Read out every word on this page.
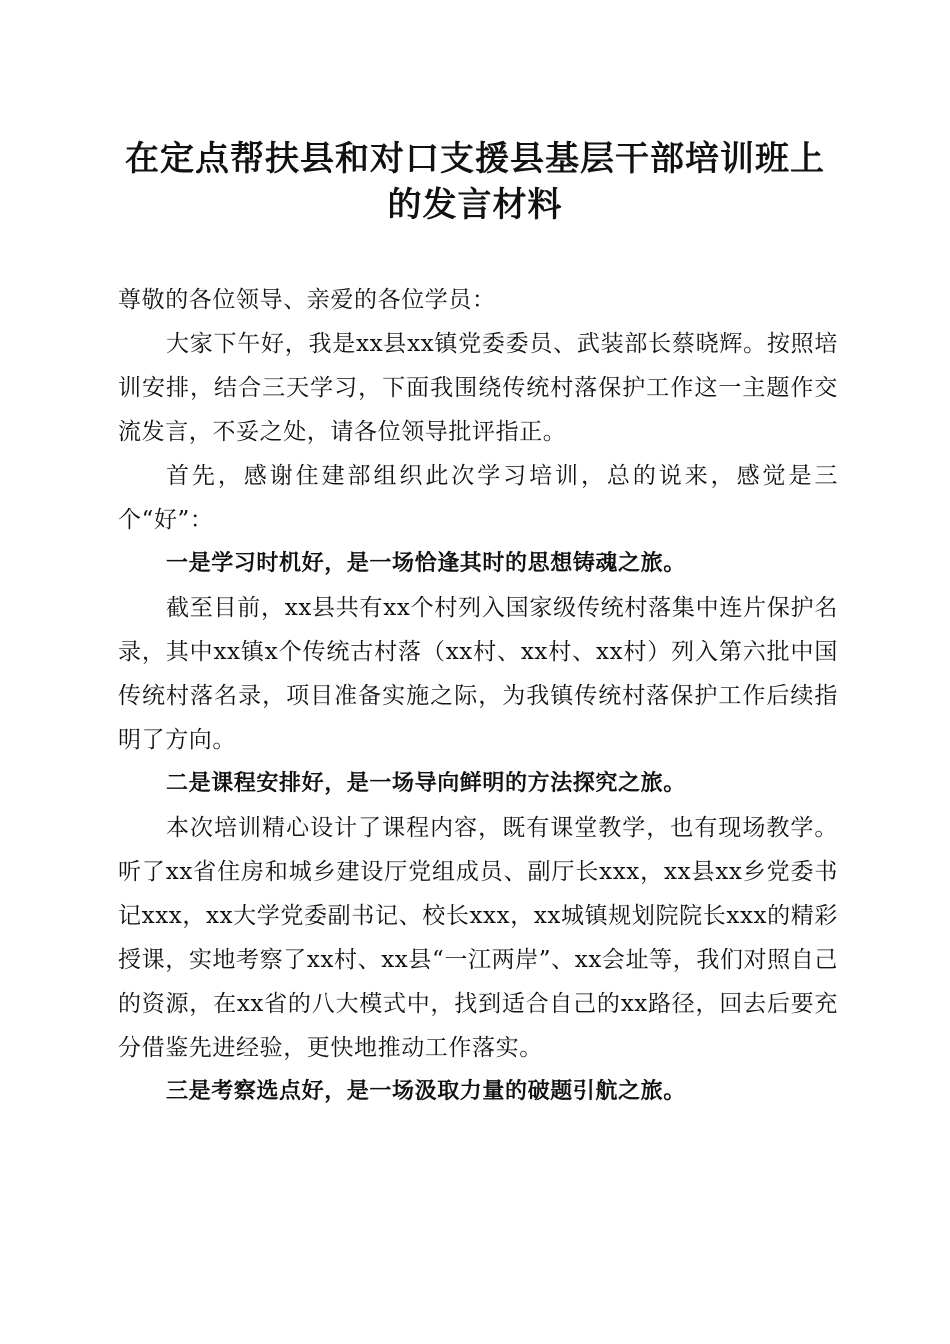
在定点帮扶县和对口支援县基层干部培训班上
的发言材料

尊敬的各位领导、亲爱的各位学员：

大家下午好，我是xx县xx镇党委委员、武装部长蔡晓辉。按照培训安排，结合三天学习，下面我围绕传统村落保护工作这一主题作交流发言，不妥之处，请各位领导批评指正。

首先，感谢住建部组织此次学习培训，总的说来，感觉是三个“好”：

一是学习时机好，是一场恰逢其时的思想铸魂之旅。

截至目前，xx县共有xx个村列入国家级传统村落集中连片保护名录，其中xx镇x个传统古村落（xx村、xx村、xx村）列入第六批中国传统村落名录，项目准备实施之际，为我镇传统村落保护工作后续指明了方向。

二是课程安排好，是一场导向鲜明的方法探究之旅。

本次培训精心设计了课程内容，既有课堂教学，也有现场教学。听了xx省住房和城乡建设厅党组成员、副厅长xxx，xx县xx乡党委书记xxx，xx大学党委副书记、校长xxx，xx城镇规划院院长xxx的精彩授课，实地考察了xx村、xx县“一江两岸”、xx会址等，我们对照自己的资源，在xx省的八大模式中，找到适合自己的xx路径，回去后要充分借鉴先进经验，更快地推动工作落实。

三是考察选点好，是一场汲取力量的破题引航之旅。
